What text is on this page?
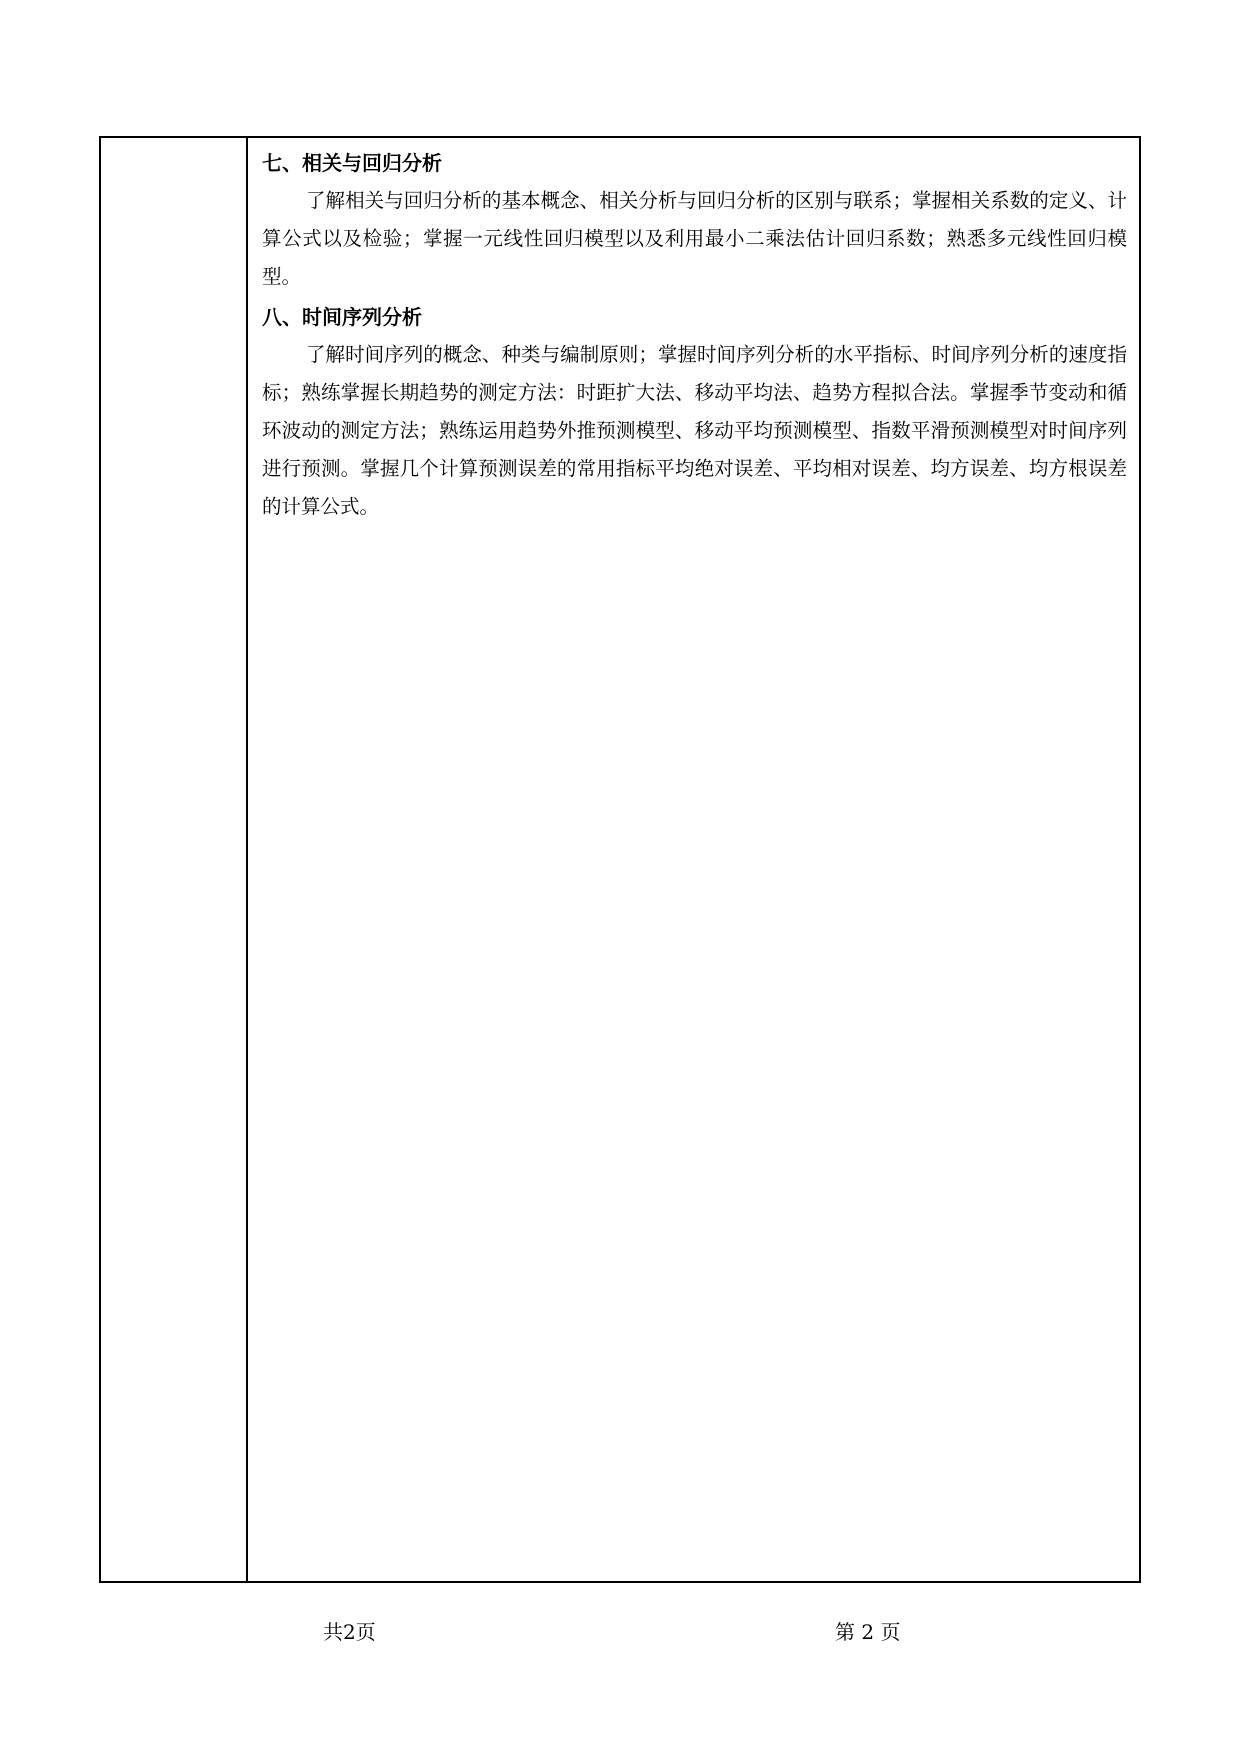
七、相关与回归分析

了解相关与回归分析的基本概念、相关分析与回归分析的区别与联系；掌握相关系数的定义、计算公式以及检验；掌握一元线性回归模型以及利用最小二乘法估计回归系数；熟悉多元线性回归模型。

八、时间序列分析

了解时间序列的概念、种类与编制原则；掌握时间序列分析的水平指标、时间序列分析的速度指标；熟练掌握长期趋势的测定方法：时距扩大法、移动平均法、趋势方程拟合法。掌握季节变动和循环波动的测定方法；熟练运用趋势外推预测模型、移动平均预测模型、指数平滑预测模型对时间序列进行预测。掌握几个计算预测误差的常用指标平均绝对误差、平均相对误差、均方误差、均方根误差的计算公式。

共2页	第 2 页
